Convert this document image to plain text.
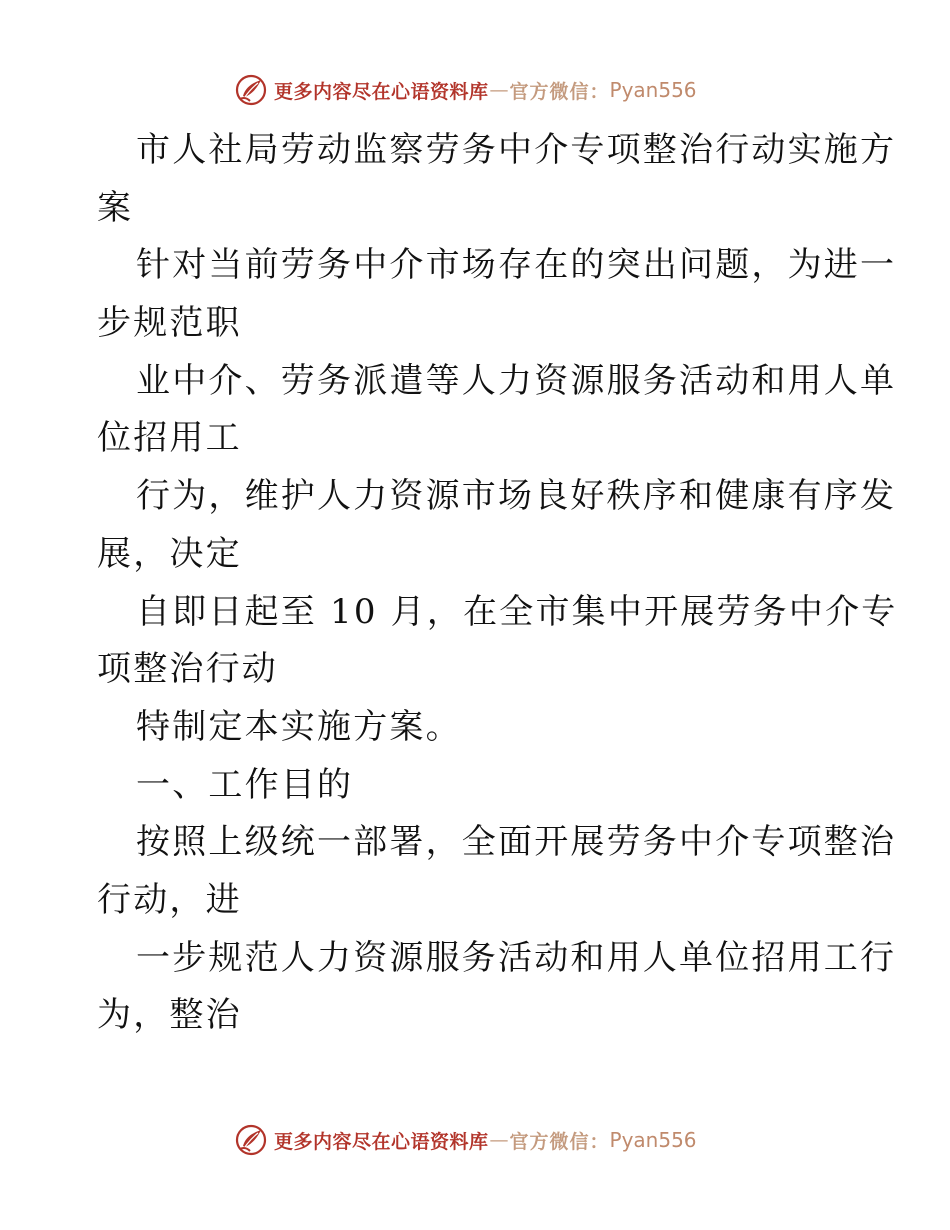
更多内容尽在心语资料库 — 官方微信： Pyan556
市人社局劳动监察劳务中介专项整治行动实施方
案
针对当前劳务中介市场存在的突出问题，为进一
步规范职
业中介、劳务派遣等人力资源服务活动和用人单
位招用工
行为，维护人力资源市场良好秩序和健康有序发
展，决定
自即日起至 10 月，在全市集中开展劳务中介专
项整治行动
特制定本实施方案。
一、工作目的
按照上级统一部署，全面开展劳务中介专项整治
行动，进
一步规范人力资源服务活动和用人单位招用工行
为，整治
更多内容尽在心语资料库 — 官方微信： Pyan556
